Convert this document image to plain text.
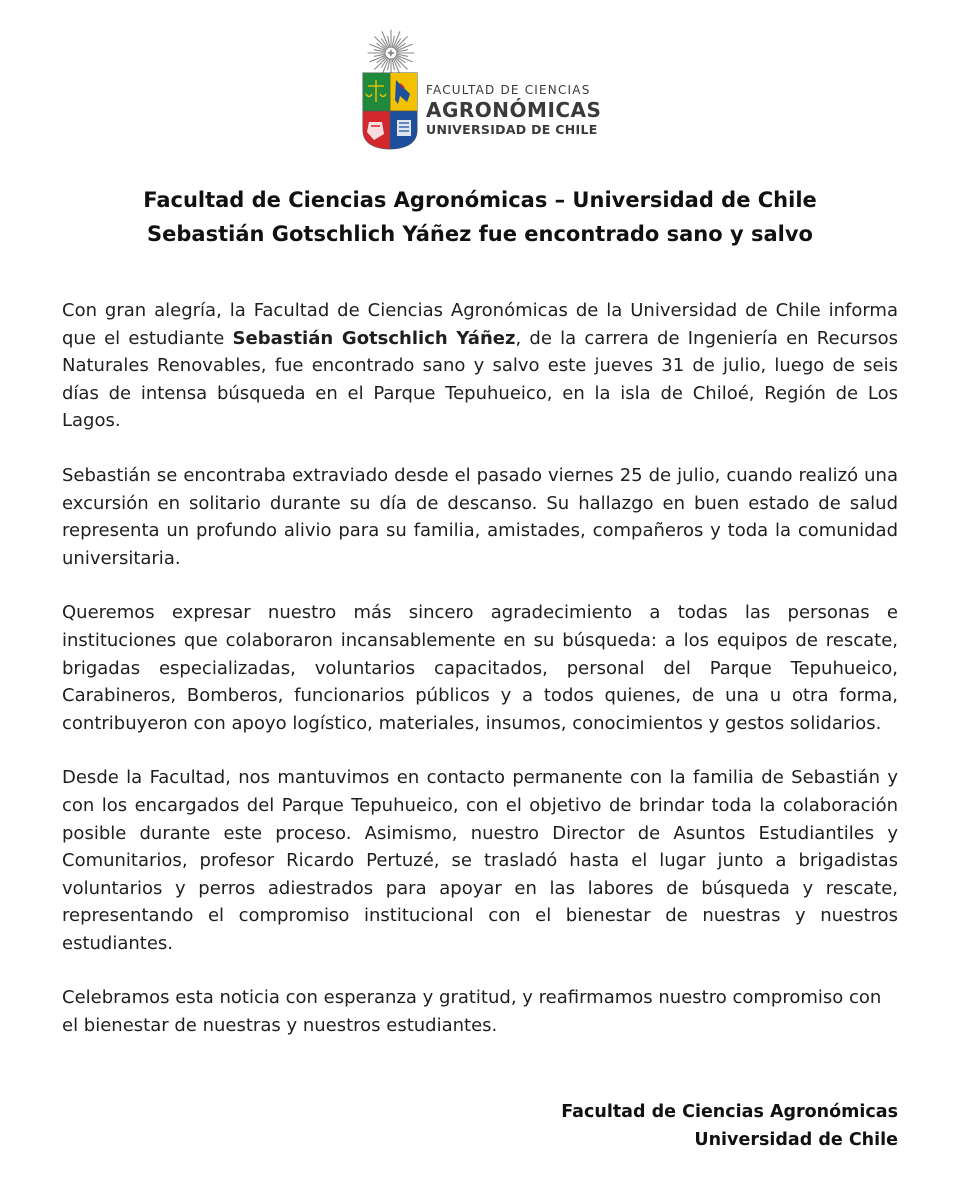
FACULTAD DE CIENCIAS
AGRONÓMICAS
UNIVERSIDAD DE CHILE
Facultad de Ciencias Agronómicas – Universidad de Chile
Sebastián Gotschlich Yáñez fue encontrado sano y salvo

Con gran alegría, la Facultad de Ciencias Agronómicas de la Universidad de Chile informa que el estudiante Sebastián Gotschlich Yáñez, de la carrera de Ingeniería en Recursos Naturales Renovables, fue encontrado sano y salvo este jueves 31 de julio, luego de seis días de intensa búsqueda en el Parque Tepuhueico, en la isla de Chiloé, Región de Los Lagos.

Sebastián se encontraba extraviado desde el pasado viernes 25 de julio, cuando realizó una excursión en solitario durante su día de descanso. Su hallazgo en buen estado de salud representa un profundo alivio para su familia, amistades, compañeros y toda la comunidad universitaria.

Queremos expresar nuestro más sincero agradecimiento a todas las personas e instituciones que colaboraron incansablemente en su búsqueda: a los equipos de rescate, brigadas especializadas, voluntarios capacitados, personal del Parque Tepuhueico, Carabineros, Bomberos, funcionarios públicos y a todos quienes, de una u otra forma, contribuyeron con apoyo logístico, materiales, insumos, conocimientos y gestos solidarios.

Desde la Facultad, nos mantuvimos en contacto permanente con la familia de Sebastián y con los encargados del Parque Tepuhueico, con el objetivo de brindar toda la colaboración posible durante este proceso. Asimismo, nuestro Director de Asuntos Estudiantiles y Comunitarios, profesor Ricardo Pertuzé, se trasladó hasta el lugar junto a brigadistas voluntarios y perros adiestrados para apoyar en las labores de búsqueda y rescate, representando el compromiso institucional con el bienestar de nuestras y nuestros estudiantes.

Celebramos esta noticia con esperanza y gratitud, y reafirmamos nuestro compromiso con el bienestar de nuestras y nuestros estudiantes.

Facultad de Ciencias Agronómicas
Universidad de Chile
